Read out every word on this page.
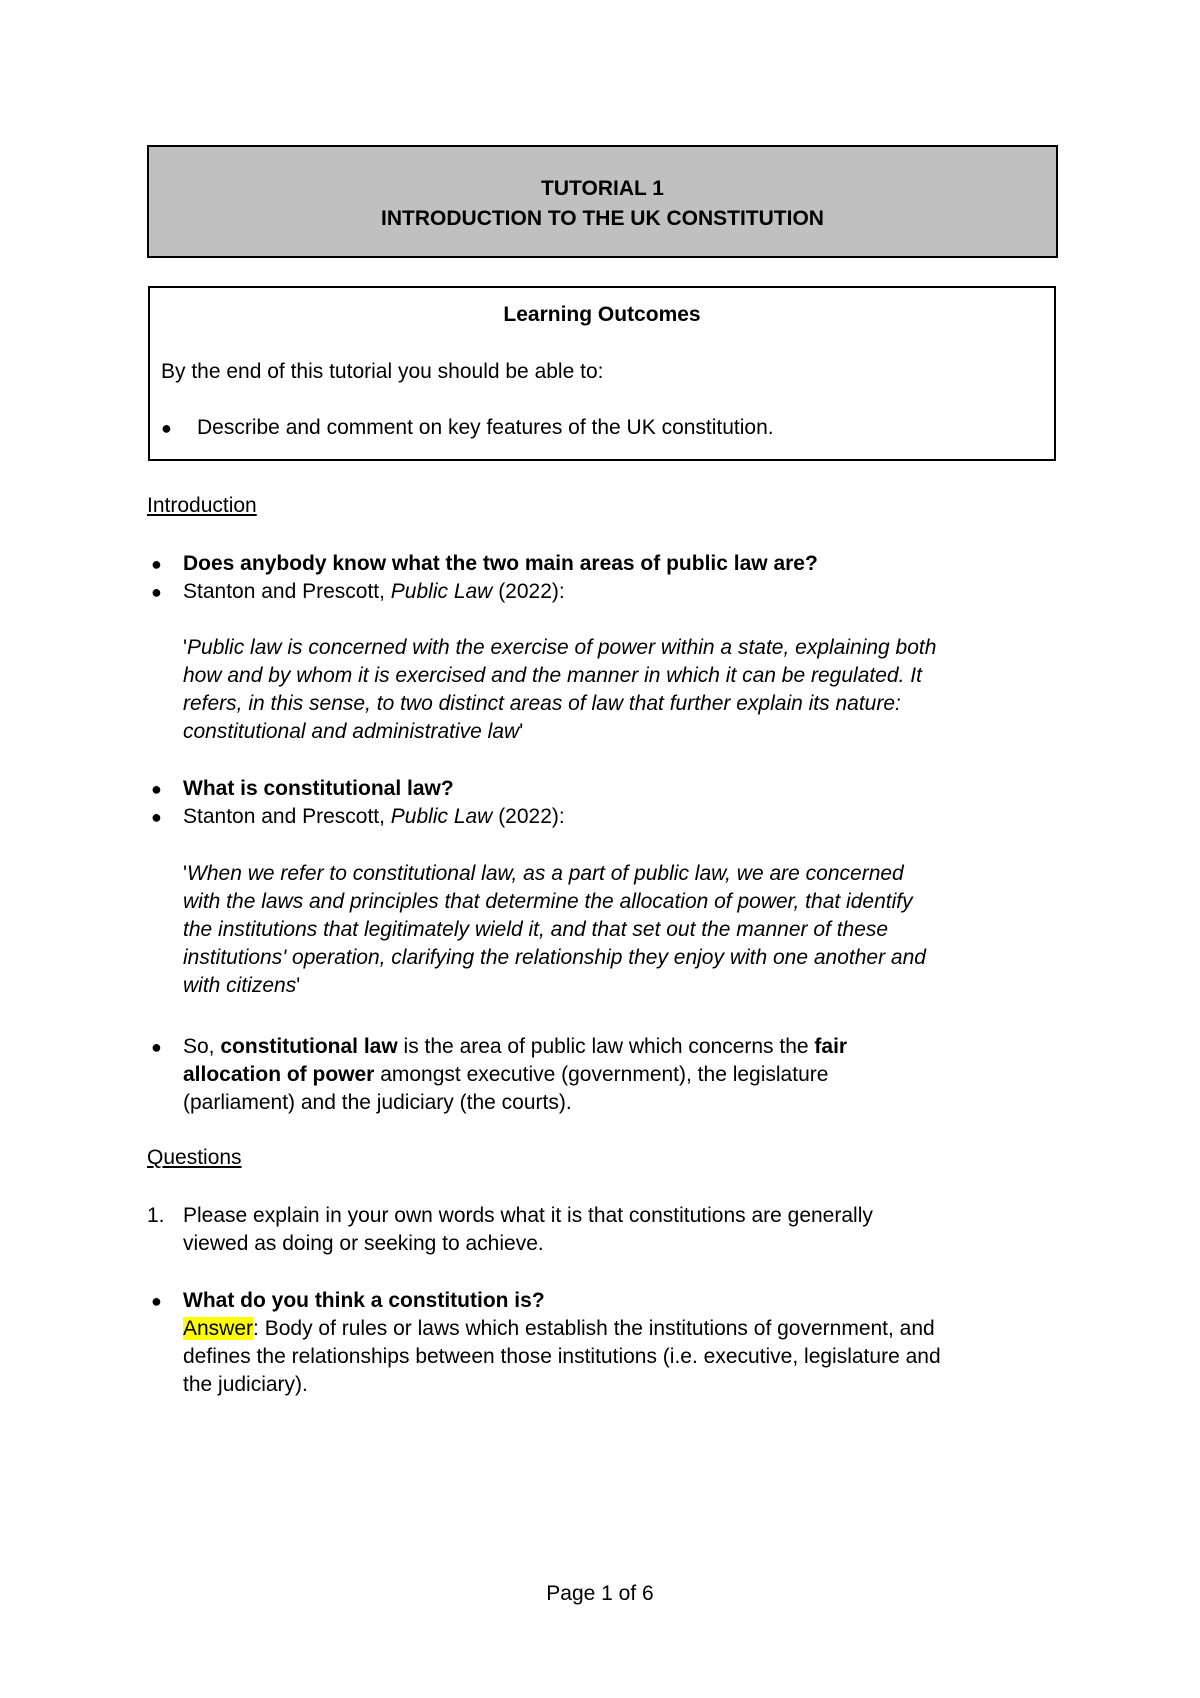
TUTORIAL 1
INTRODUCTION TO THE UK CONSTITUTION
Learning Outcomes
By the end of this tutorial you should be able to:
● Describe and comment on key features of the UK constitution.
Introduction
● Does anybody know what the two main areas of public law are?
● Stanton and Prescott, Public Law (2022):
'Public law is concerned with the exercise of power within a state, explaining both
how and by whom it is exercised and the manner in which it can be regulated. It
refers, in this sense, to two distinct areas of law that further explain its nature:
constitutional and administrative law'
● What is constitutional law?
● Stanton and Prescott, Public Law (2022):
'When we refer to constitutional law, as a part of public law, we are concerned
with the laws and principles that determine the allocation of power, that identify
the institutions that legitimately wield it, and that set out the manner of these
institutions' operation, clarifying the relationship they enjoy with one another and
with citizens'
● So, constitutional law is the area of public law which concerns the fair
allocation of power amongst executive (government), the legislature
(parliament) and the judiciary (the courts).
Questions
1. Please explain in your own words what it is that constitutions are generally
viewed as doing or seeking to achieve.
● What do you think a constitution is?
Answer: Body of rules or laws which establish the institutions of government, and
defines the relationships between those institutions (i.e. executive, legislature and
the judiciary).
Page 1 of 6
